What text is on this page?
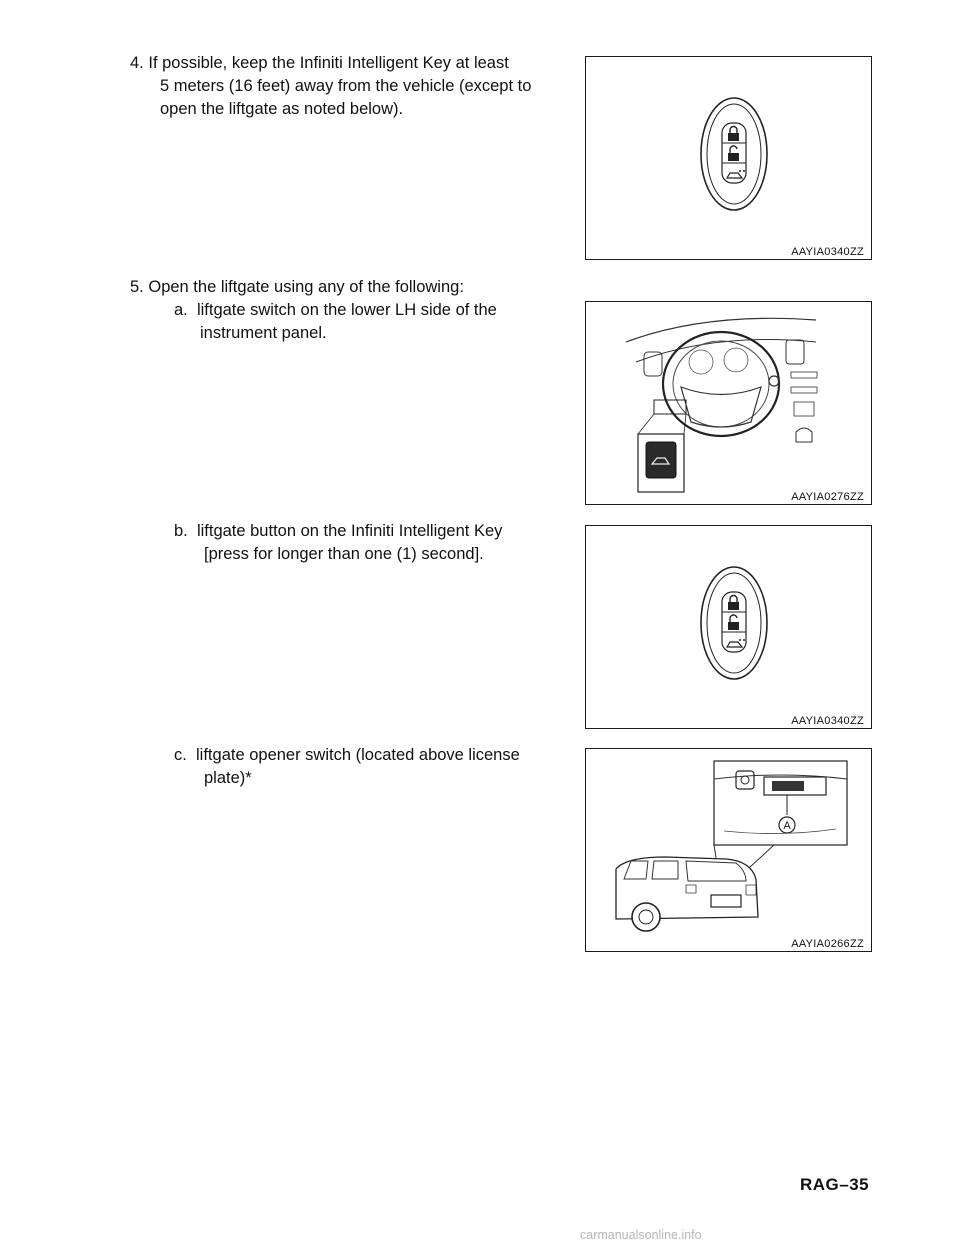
4. If possible, keep the Infiniti Intelligent Key at least
5 meters (16 feet) away from the vehicle (except to
open the liftgate as noted below).
5. Open the liftgate using any of the following:
a. liftgate switch on the lower LH side of the
instrument panel.
b. liftgate button on the Infiniti Intelligent Key
[press for longer than one (1) second].
c. liftgate opener switch (located above license
plate)*
AAYIA0340ZZ
AAYIA0276ZZ
AAYIA0340ZZ
A
AAYIA0266ZZ
RAG–35
carmanualsonline.info
